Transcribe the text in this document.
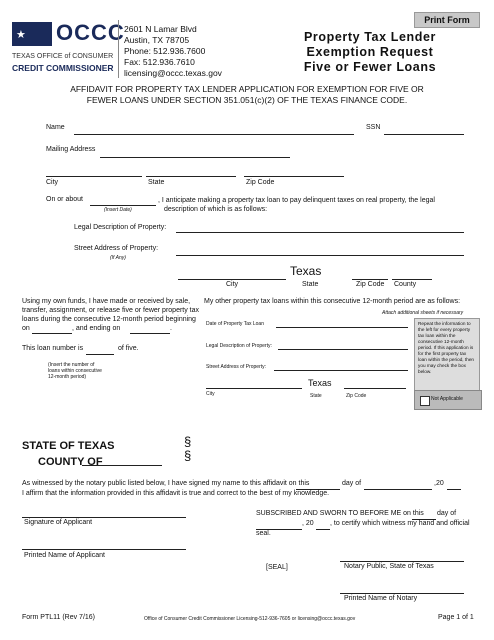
Print Form
★ OCCC
TEXAS OFFICE of CONSUMER
CREDIT COMMISSIONER
2601 N Lamar Blvd
Austin, TX 78705
Phone: 512.936.7600
Fax: 512.936.7610
licensing@occc.texas.gov
Property Tax Lender
Exemption Request
Five or Fewer Loans
AFFIDAVIT FOR PROPERTY TAX LENDER APPLICATION FOR EXEMPTION FOR FIVE OR
FEWER LOANS UNDER SECTION 351.051(c)(2) OF THE TEXAS FINANCE CODE.
Name	SSN
Mailing Address
City	State	Zip Code
On or about
(Insert Date)
, I anticipate making a property tax loan to pay delinquent taxes on real property, the legal
description of which is as follows:
Legal Description of Property:
Street Address of Property:
(If Any)
Texas
City	State	Zip Code County
Using my own funds, I have made or received by sale,
transfer, assignment, or release five or fewer property tax
loans during the consecutive 12-month period beginning
on	, and ending on	.
This loan number is	of five.
(Insert the number of
loans within consecutive
12-month period)
My other property tax loans within this consecutive 12-month period are as follows:
Attach additional sheets if necessary
Date of Property Tax Loan
Legal Description of Property:
Street Address of Property:
Texas
City	State	Zip Code
Repeat the information to the left for every property tax loan within the consecutive 12-month period. If this application is for the first property tax loan within the period, then you may check the box below.
Not Applicable
STATE OF TEXAS
COUNTY OF
§
§
As witnessed by the notary public listed below, I have signed my name to this affidavit on this	day of	,20
I affirm that the information provided in this affidavit is true and correct to the best of my knowledge.
Signature of Applicant
SUBSCRIBED AND SWORN TO BEFORE ME on this day of
, 20 , to certify which witness my hand and official
seal.
Printed Name of Applicant
[SEAL]	Notary Public, State of Texas
Printed Name of Notary
Form PTL11 (Rev 7/16)	Office of Consumer Credit Commissioner Licensing-512-936-7605 or licensing@occc.texas.gov	Page 1 of 1
